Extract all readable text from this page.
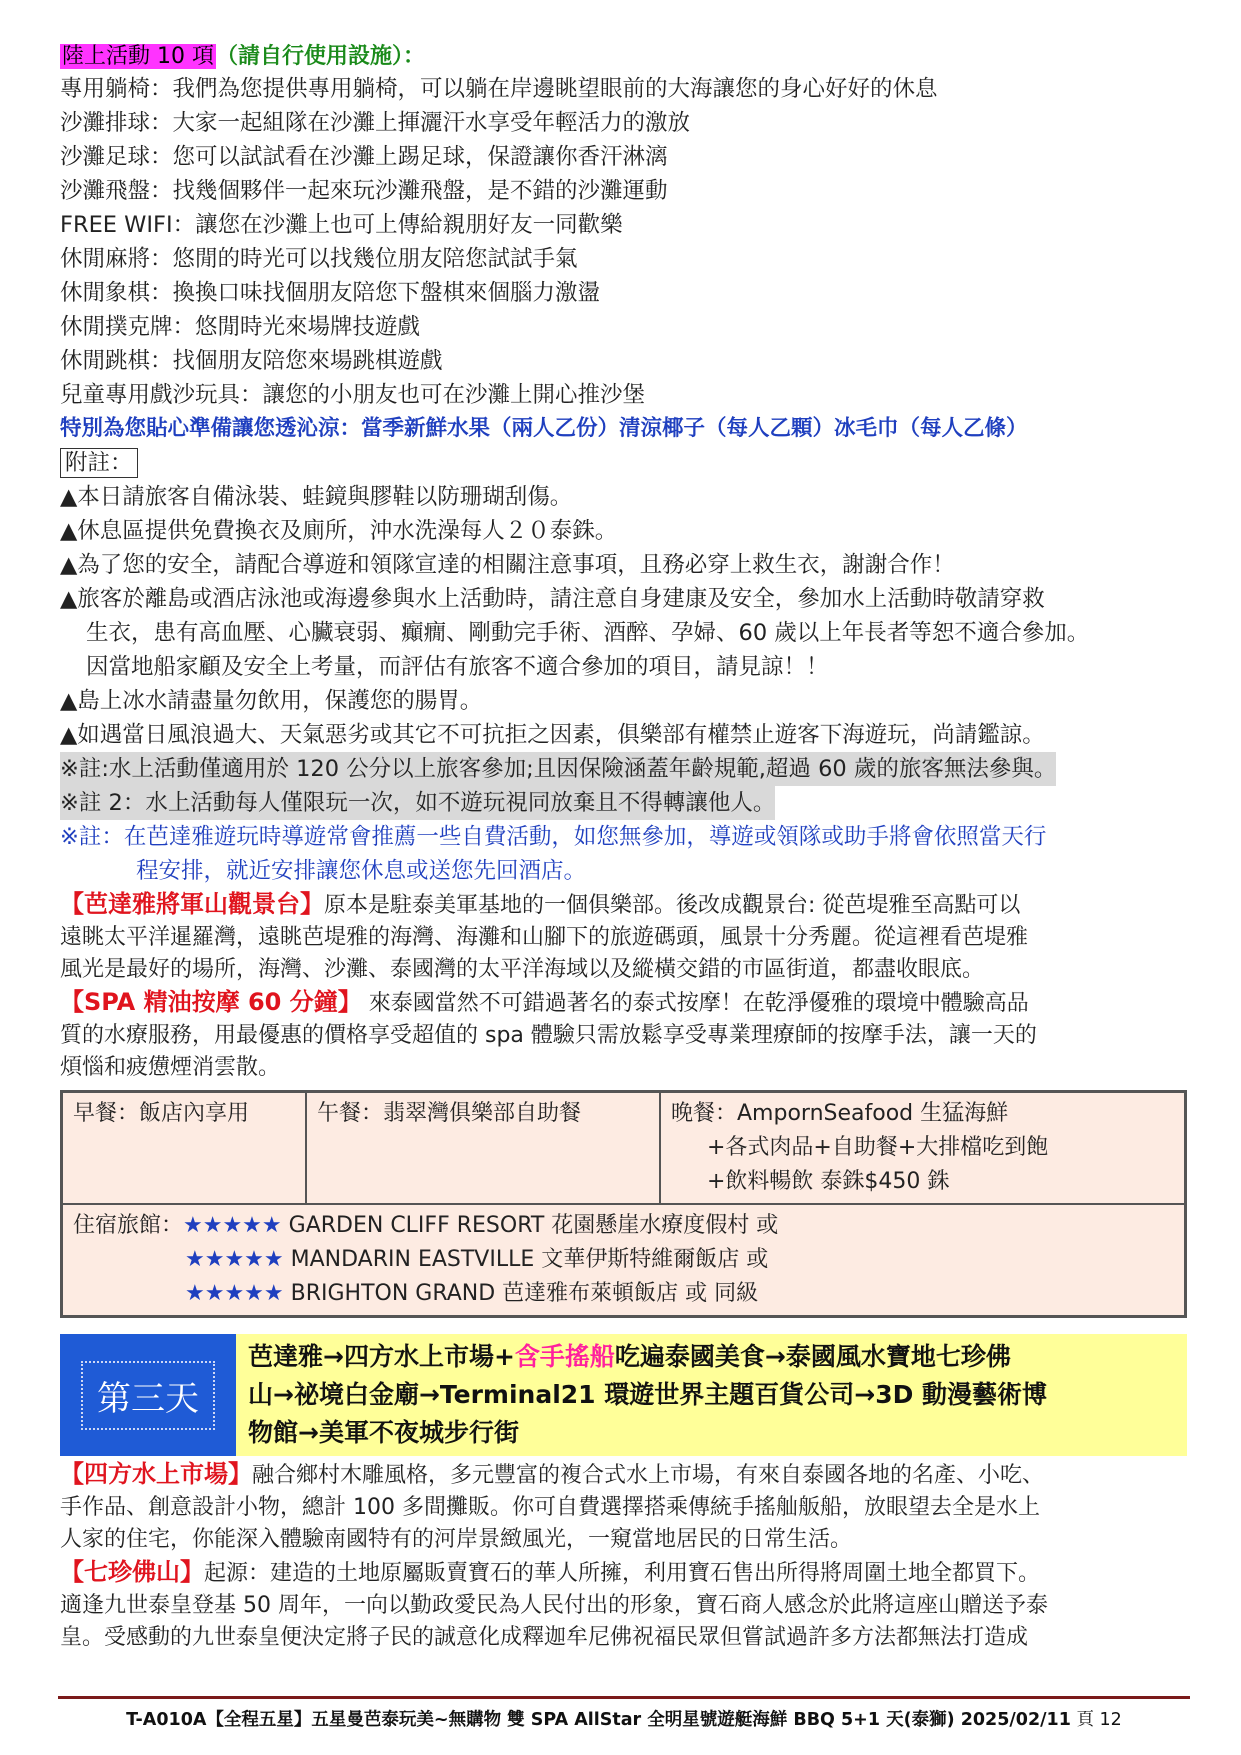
陸上活動 10 項（請自行使用設施）：
專用躺椅：我們為您提供專用躺椅，可以躺在岸邊眺望眼前的大海讓您的身心好好的休息
沙灘排球：大家一起組隊在沙灘上揮灑汗水享受年輕活力的激放
沙灘足球：您可以試試看在沙灘上踢足球，保證讓你香汗淋漓
沙灘飛盤：找幾個夥伴一起來玩沙灘飛盤，是不錯的沙灘運動
FREE WIFI：讓您在沙灘上也可上傳給親朋好友一同歡樂
休閒麻將：悠閒的時光可以找幾位朋友陪您試試手氣
休閒象棋：換換口味找個朋友陪您下盤棋來個腦力激盪
休閒撲克牌：悠閒時光來場牌技遊戲
休閒跳棋：找個朋友陪您來場跳棋遊戲
兒童專用戲沙玩具：讓您的小朋友也可在沙灘上開心推沙堡
特別為您貼心準備讓您透沁涼：當季新鮮水果（兩人乙份）清涼椰子（每人乙顆）冰毛巾（每人乙條）
附註：
▲本日請旅客自備泳裝、蛙鏡與膠鞋以防珊瑚刮傷。
▲休息區提供免費換衣及廁所，沖水洗澡每人２０泰銖。
▲為了您的安全，請配合導遊和領隊宣達的相關注意事項，且務必穿上救生衣，謝謝合作！
▲旅客於離島或酒店泳池或海邊參與水上活動時，請注意自身建康及安全，參加水上活動時敬請穿救
生衣，患有高血壓、心臟衰弱、癲癇、剛動完手術、酒醉、孕婦、60 歲以上年長者等恕不適合參加。
因當地船家顧及安全上考量，而評估有旅客不適合參加的項目，請見諒！！
▲島上冰水請盡量勿飲用，保護您的腸胃。
▲如遇當日風浪過大、天氣惡劣或其它不可抗拒之因素，俱樂部有權禁止遊客下海遊玩，尚請鑑諒。
※註:水上活動僅適用於 120 公分以上旅客參加;且因保險涵蓋年齡規範,超過 60 歲的旅客無法參與。
※註 2：水上活動每人僅限玩一次，如不遊玩視同放棄且不得轉讓他人。
※註：在芭達雅遊玩時導遊常會推薦一些自費活動，如您無參加，導遊或領隊或助手將會依照當天行
程安排，就近安排讓您休息或送您先回酒店。
【芭達雅將軍山觀景台】原本是駐泰美軍基地的一個俱樂部。後改成觀景台: 從芭堤雅至高點可以
遠眺太平洋暹羅灣，遠眺芭堤雅的海灣、海灘和山腳下的旅遊碼頭，風景十分秀麗。從這裡看芭堤雅
風光是最好的場所，海灣、沙灘、泰國灣的太平洋海域以及縱橫交錯的市區街道，都盡收眼底。
【SPA 精油按摩 60 分鐘】 來泰國當然不可錯過著名的泰式按摩！在乾淨優雅的環境中體驗高品
質的水療服務，用最優惠的價格享受超值的 spa 體驗只需放鬆享受專業理療師的按摩手法，讓一天的
煩惱和疲憊煙消雲散。
早餐：飯店內享用	午餐：翡翠灣俱樂部自助餐	晚餐：AmpornSeafood 生猛海鮮
+各式肉品+自助餐+大排檔吃到飽
+飲料暢飲 泰銖$450 銖

住宿旅館：★★★★★ GARDEN CLIFF RESORT 花園懸崖水療度假村 或
★★★★★ MANDARIN EASTVILLE 文華伊斯特維爾飯店 或
★★★★★ BRIGHTON GRAND 芭達雅布萊頓飯店 或 同級
第三天
芭達雅→四方水上市場+含手搖船吃遍泰國美食→泰國風水寶地七珍佛
山→祕境白金廟→Terminal21 環遊世界主題百貨公司→3D 動漫藝術博
物館→美軍不夜城步行街
【四方水上市場】融合鄉村木雕風格，多元豐富的複合式水上市場，有來自泰國各地的名產、小吃、
手作品、創意設計小物，總計 100 多間攤販。你可自費選擇搭乘傳統手搖舢舨船，放眼望去全是水上
人家的住宅，你能深入體驗南國特有的河岸景緻風光，一窺當地居民的日常生活。
【七珍佛山】起源：建造的土地原屬販賣寶石的華人所擁，利用寶石售出所得將周圍土地全都買下。
適逢九世泰皇登基 50 周年，一向以勤政愛民為人民付出的形象，寶石商人感念於此將這座山贈送予泰
皇。受感動的九世泰皇便決定將子民的誠意化成釋迦牟尼佛祝福民眾但嘗試過許多方法都無法打造成
T-A010A【全程五星】五星曼芭泰玩美~無購物 雙 SPA AllStar 全明星號遊艇海鮮 BBQ 5+1 天(泰獅) 2025/02/11 頁 12
